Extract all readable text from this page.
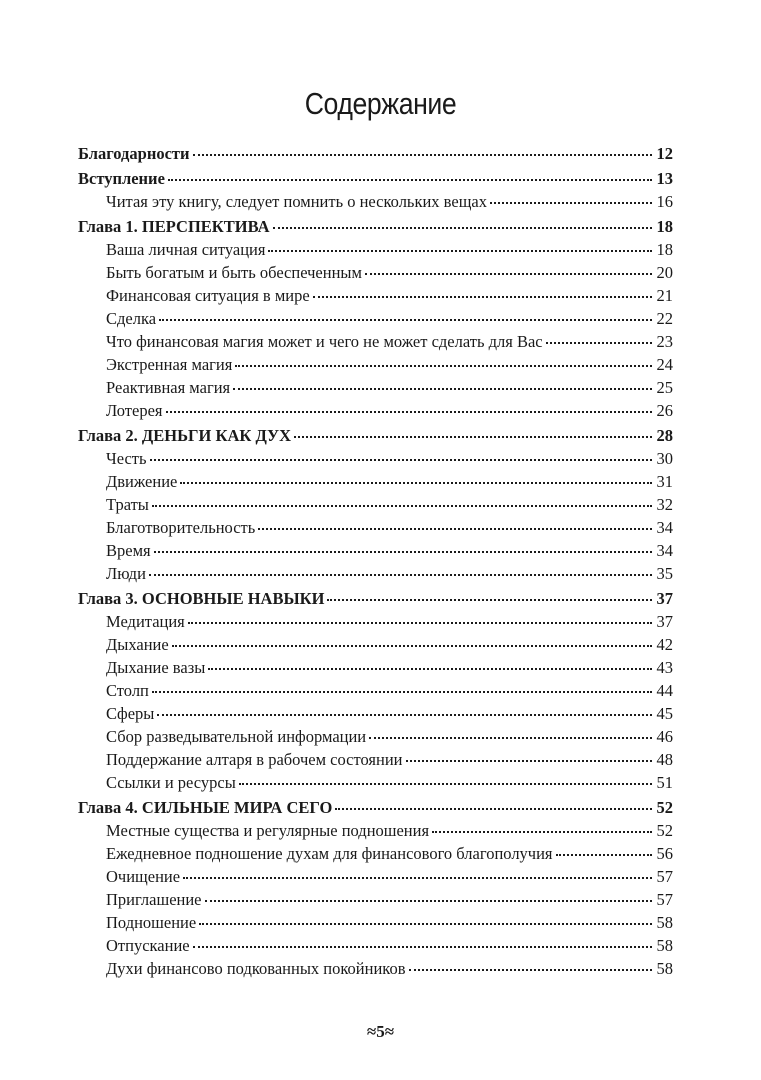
Содержание
Благодарности	12
Вступление	13
Читая эту книгу, следует помнить о нескольких вещах	16
Глава 1. ПЕРСПЕКТИВА	18
Ваша личная ситуация	18
Быть богатым и быть обеспеченным	20
Финансовая ситуация в мире	21
Сделка	22
Что финансовая магия может и чего не может сделать для Вас	23
Экстренная магия	24
Реактивная магия	25
Лотерея	26
Глава 2. ДЕНЬГИ КАК ДУХ	28
Честь	30
Движение	31
Траты	32
Благотворительность	34
Время	34
Люди	35
Глава 3. ОСНОВНЫЕ НАВЫКИ	37
Медитация	37
Дыхание	42
Дыхание вазы	43
Столп	44
Сферы	45
Сбор разведывательной информации	46
Поддержание алтаря в рабочем состоянии	48
Ссылки и ресурсы	51
Глава 4. СИЛЬНЫЕ МИРА СЕГО	52
Местные существа и регулярные подношения	52
Ежедневное подношение духам для финансового благополучия	56
Очищение	57
Приглашение	57
Подношение	58
Отпускание	58
Духи финансово подкованных покойников	58
≈5≈
